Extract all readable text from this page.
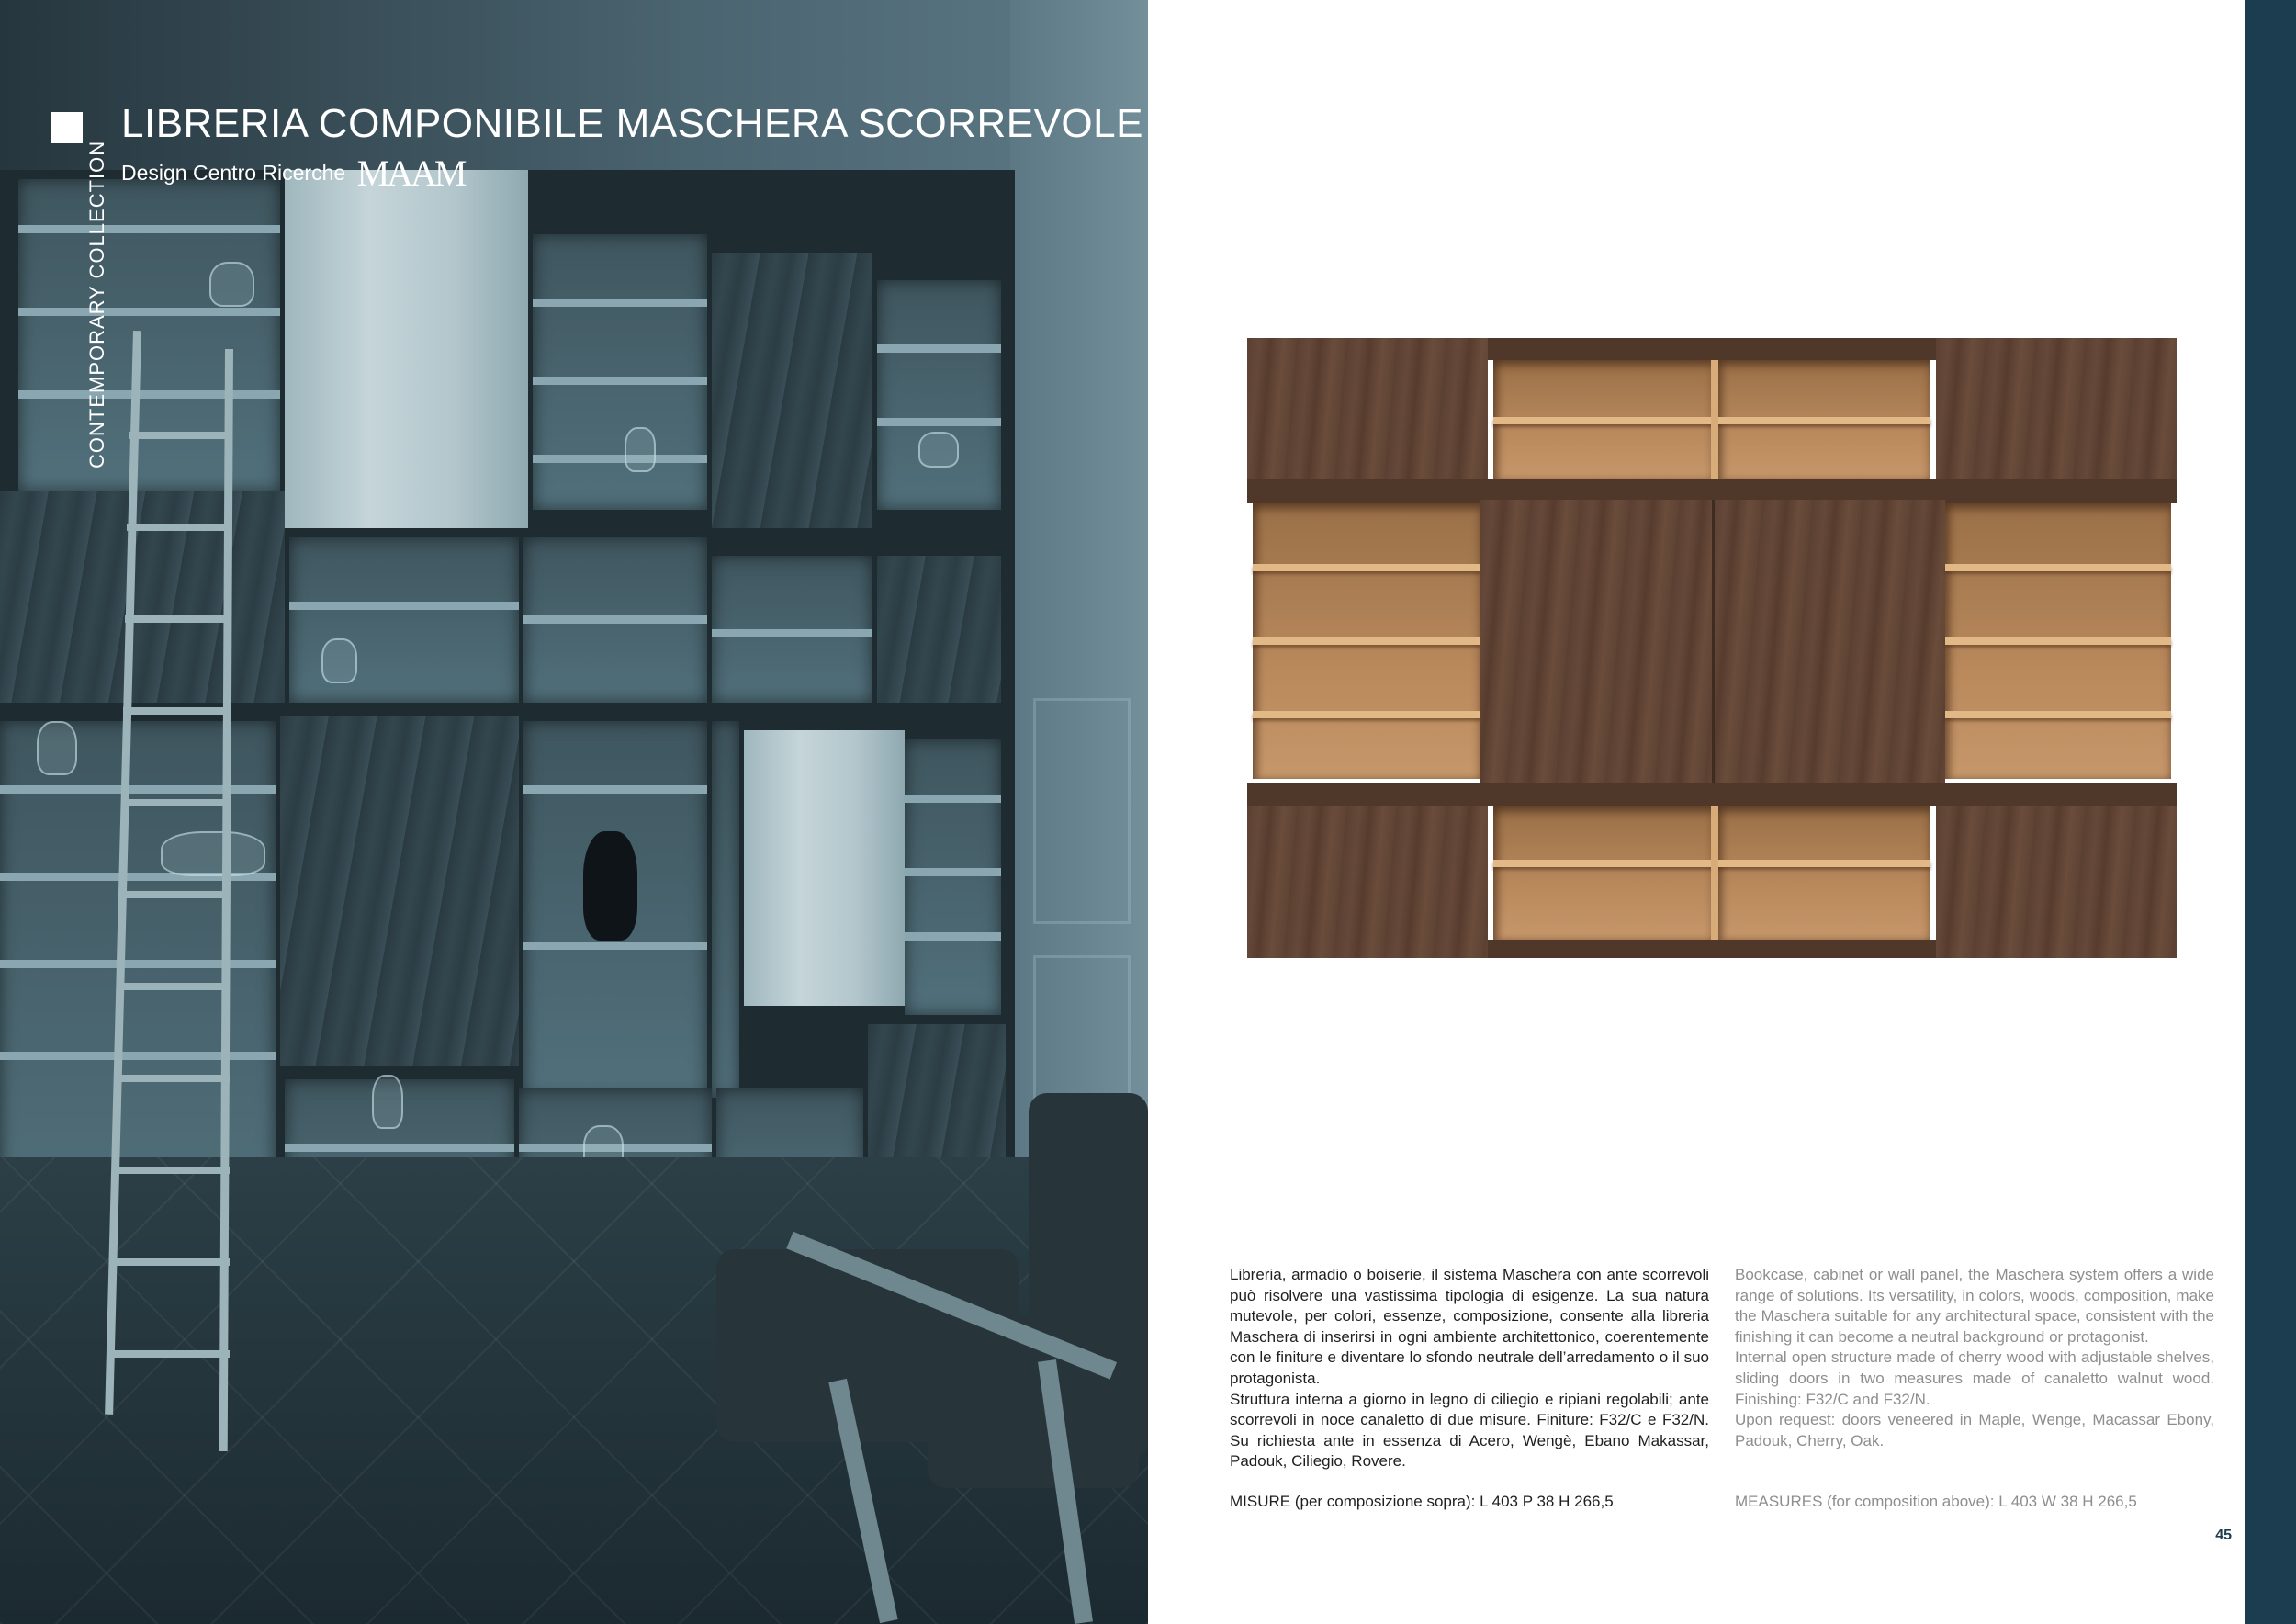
CONTEMPORARY COLLECTION
LIBRERIA COMPONIBILE MASCHERA SCORREVOLE
Design Centro Ricerche MAAM

Libreria, armadio o boiserie, il sistema Maschera con ante scorrevoli può risolvere una vastissima tipologia di esigenze. La sua natura mutevole, per colori, essenze, composizione, consente alla libreria Maschera di inserirsi in ogni ambiente architettonico, coerentemente con le finiture e diventare lo sfondo neutrale dell’arredamento o il suo protagonista.

Struttura interna a giorno in legno di ciliegio e ripiani regolabili; ante scorrevoli in noce canaletto di due misure. Finiture: F32/C e F32/N. Su richiesta ante in essenza di Acero, Wengè, Ebano Makassar, Padouk, Ciliegio, Rovere.

MISURE (per composizione sopra): L 403 P 38 H 266,5

Bookcase, cabinet or wall panel, the Maschera system offers a wide range of solutions. Its versatility, in colors, woods, composition, make the Maschera suitable for any architectural space, consistent with the finishing it can become a neutral background or protagonist.

Internal open structure made of cherry wood with adjustable shelves, sliding doors in two measures made of canaletto walnut wood. Finishing: F32/C and F32/N.

Upon request: doors veneered in Maple, Wenge, Macassar Ebony, Padouk, Cherry, Oak.

MEASURES (for composition above): L 403 W 38 H 266,5
45
